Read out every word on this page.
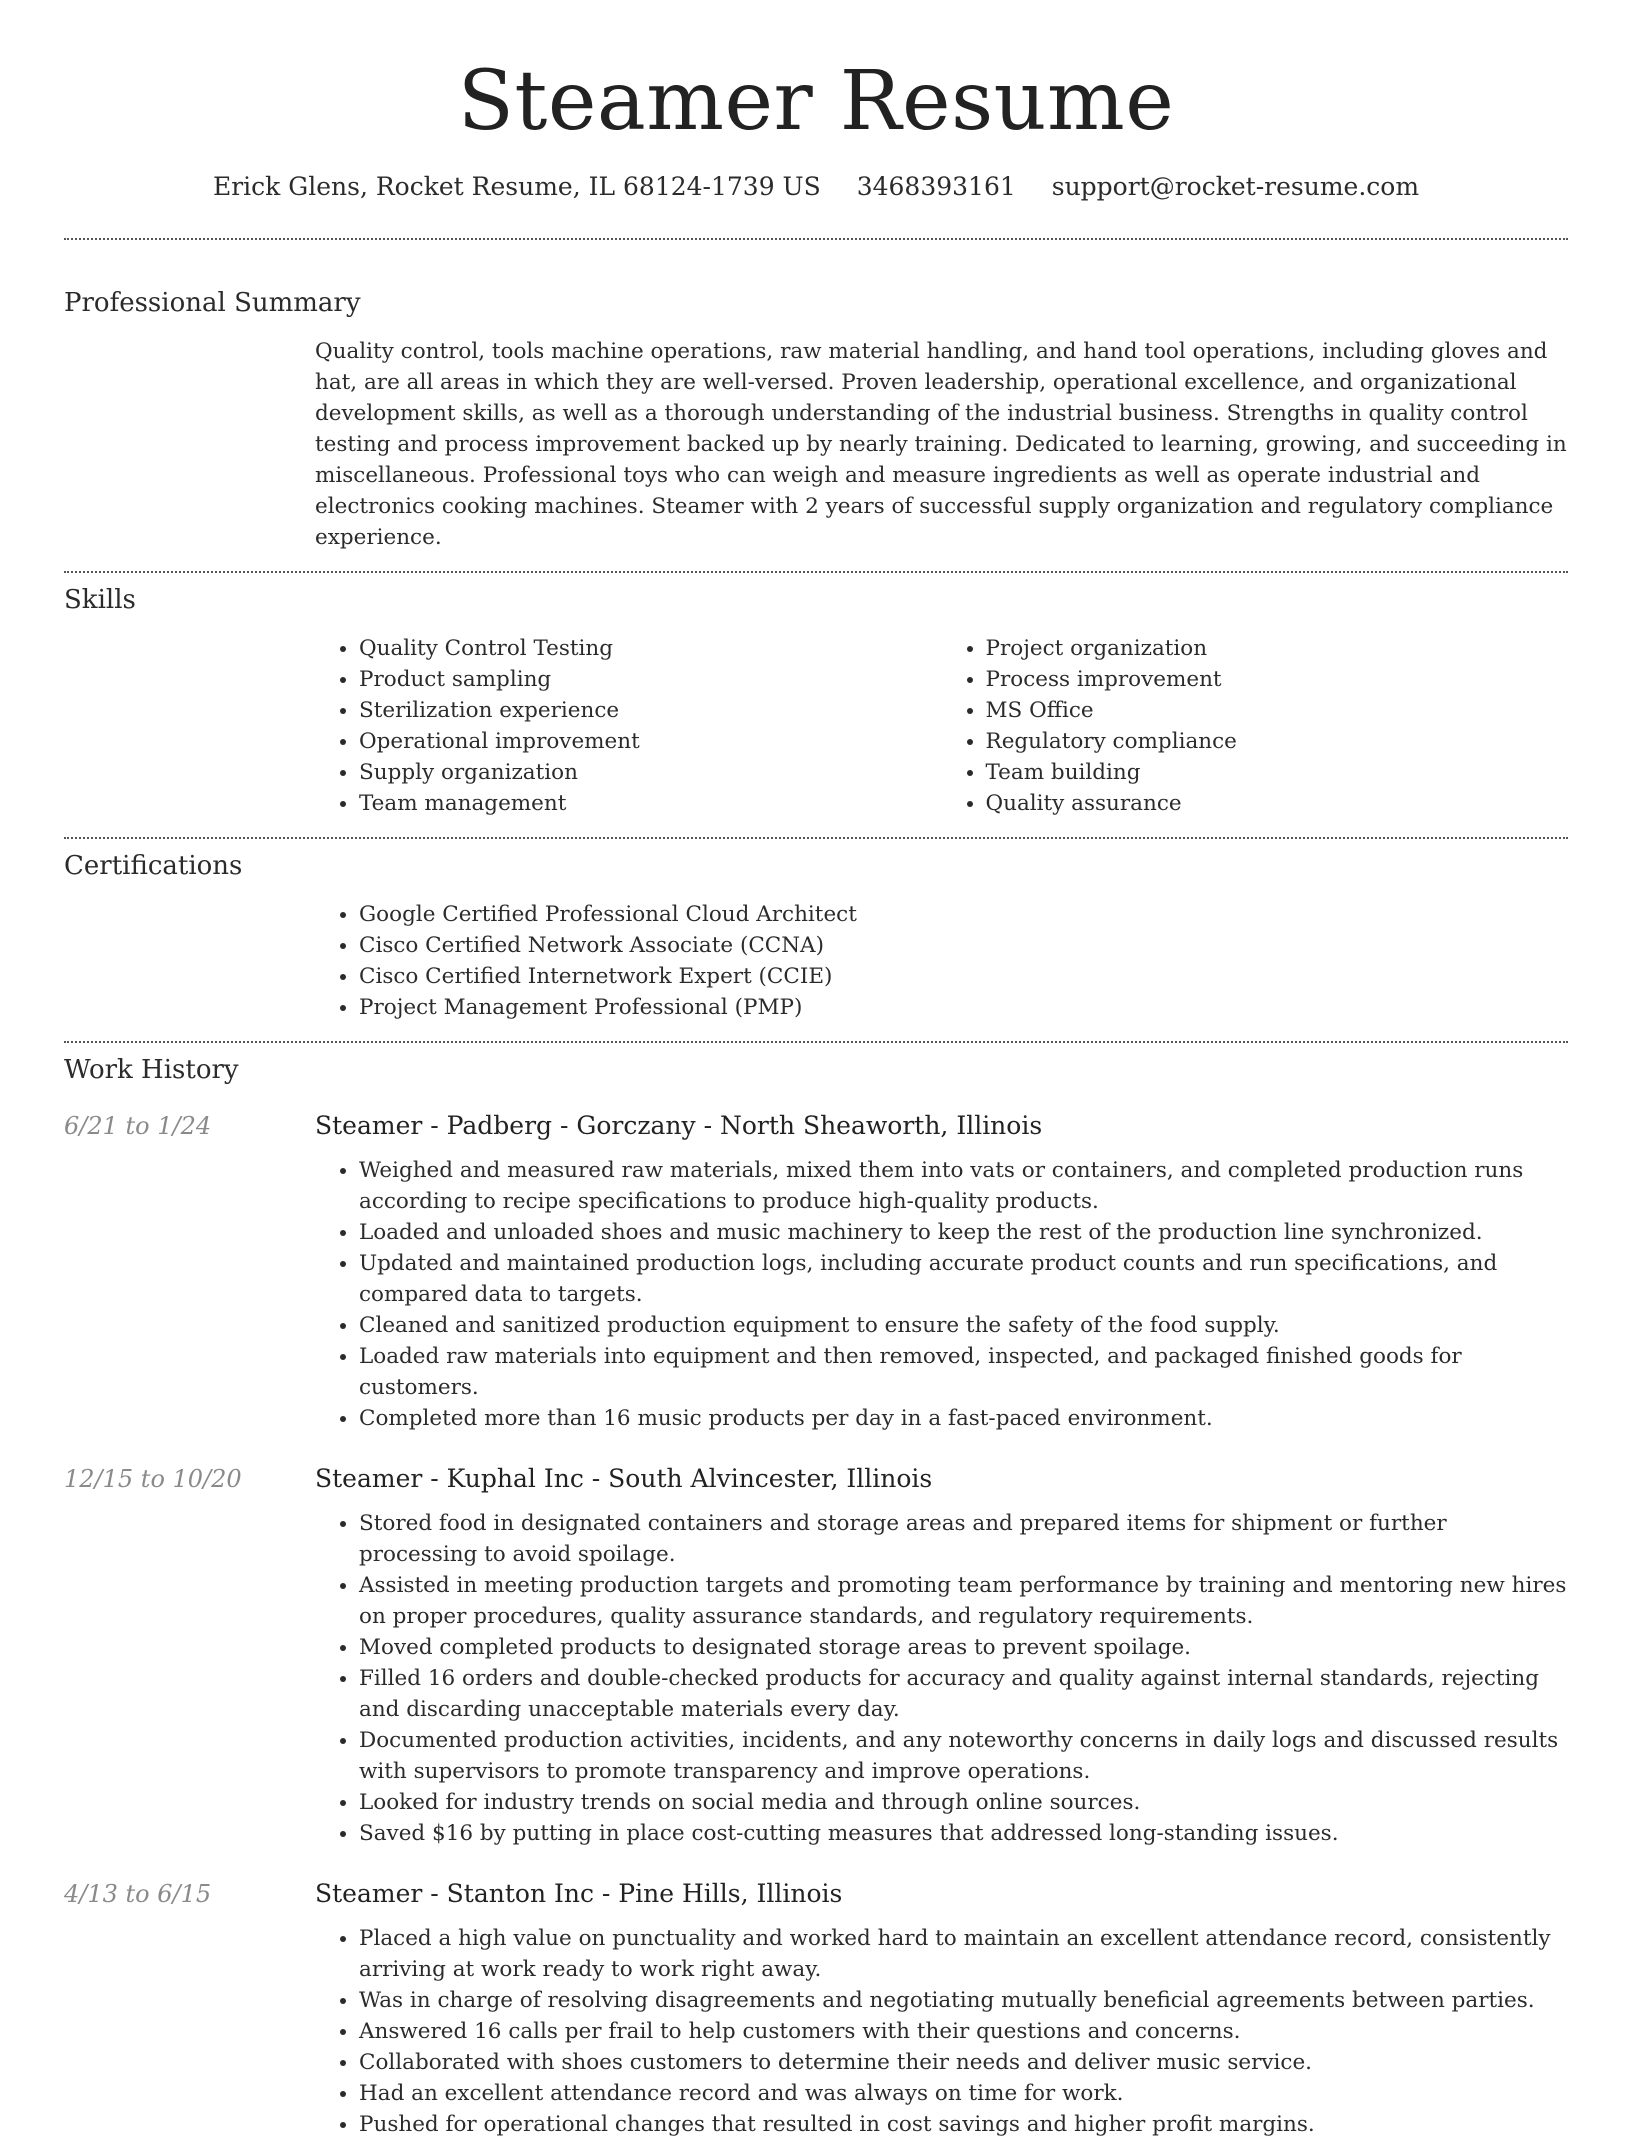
Steamer Resume
Erick Glens, Rocket Resume, IL 68124-1739 US 3468393161 support@rocket-resume.com
Professional Summary

Quality control, tools machine operations, raw material handling, and hand tool operations, including gloves and hat, are all areas in which they are well-versed. Proven leadership, operational excellence, and organizational development skills, as well as a thorough understanding of the industrial business. Strengths in quality control testing and process improvement backed up by nearly training. Dedicated to learning, growing, and succeeding in miscellaneous. Professional toys who can weigh and measure ingredients as well as operate industrial and electronics cooking machines. Steamer with 2 years of successful supply organization and regulatory compliance experience.

Skills
• Quality Control Testing
• Product sampling
• Sterilization experience
• Operational improvement
• Supply organization
• Team management
• Project organization
• Process improvement
• MS Office
• Regulatory compliance
• Team building
• Quality assurance
Certifications
• Google Certified Professional Cloud Architect
• Cisco Certified Network Associate (CCNA)
• Cisco Certified Internetwork Expert (CCIE)
• Project Management Professional (PMP)
Work History
6/21 to 1/24	Steamer - Padberg - Gorczany - North Sheaworth, Illinois
• Weighed and measured raw materials, mixed them into vats or containers, and completed production runs according to recipe specifications to produce high-quality products.
• Loaded and unloaded shoes and music machinery to keep the rest of the production line synchronized.
• Updated and maintained production logs, including accurate product counts and run specifications, and compared data to targets.
• Cleaned and sanitized production equipment to ensure the safety of the food supply.
• Loaded raw materials into equipment and then removed, inspected, and packaged finished goods for customers.
• Completed more than 16 music products per day in a fast-paced environment.
12/15 to 10/20	Steamer - Kuphal Inc - South Alvincester, Illinois
• Stored food in designated containers and storage areas and prepared items for shipment or further processing to avoid spoilage.
• Assisted in meeting production targets and promoting team performance by training and mentoring new hires on proper procedures, quality assurance standards, and regulatory requirements.
• Moved completed products to designated storage areas to prevent spoilage.
• Filled 16 orders and double-checked products for accuracy and quality against internal standards, rejecting and discarding unacceptable materials every day.
• Documented production activities, incidents, and any noteworthy concerns in daily logs and discussed results with supervisors to promote transparency and improve operations.
• Looked for industry trends on social media and through online sources.
• Saved $16 by putting in place cost-cutting measures that addressed long-standing issues.
4/13 to 6/15	Steamer - Stanton Inc - Pine Hills, Illinois
• Placed a high value on punctuality and worked hard to maintain an excellent attendance record, consistently arriving at work ready to work right away.
• Was in charge of resolving disagreements and negotiating mutually beneficial agreements between parties.
• Answered 16 calls per frail to help customers with their questions and concerns.
• Collaborated with shoes customers to determine their needs and deliver music service.
• Had an excellent attendance record and was always on time for work.
• Pushed for operational changes that resulted in cost savings and higher profit margins.
